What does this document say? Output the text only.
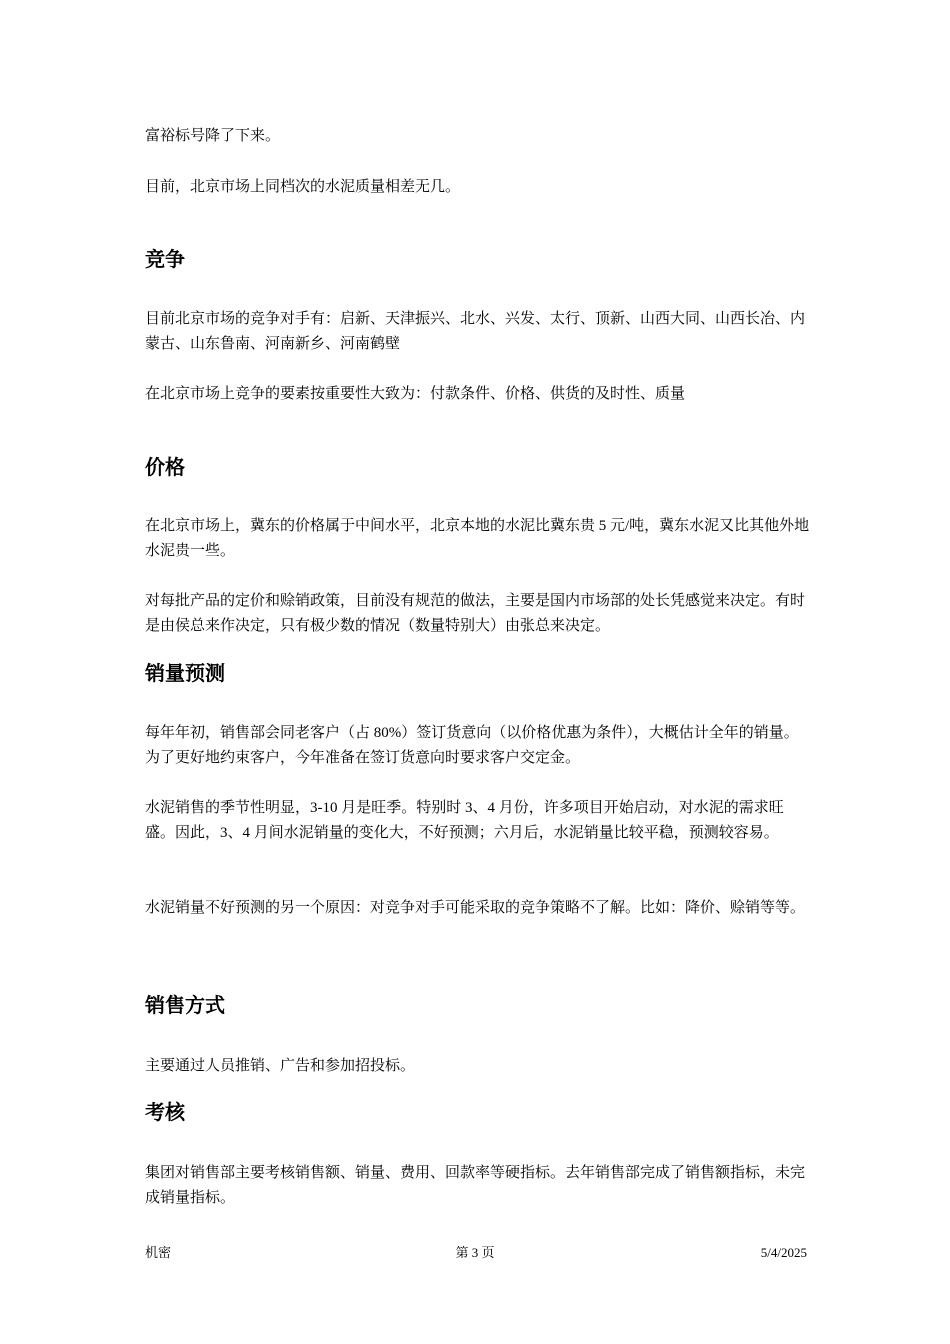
富裕标号降了下来。

目前，北京市场上同档次的水泥质量相差无几。

竞争

目前北京市场的竞争对手有：启新、天津振兴、北水、兴发、太行、顶新、山西大同、山西长冶、内蒙古、山东鲁南、河南新乡、河南鹤壁

在北京市场上竞争的要素按重要性大致为：付款条件、价格、供货的及时性、质量

价格

在北京市场上，冀东的价格属于中间水平，北京本地的水泥比冀东贵 5 元/吨，冀东水泥又比其他外地水泥贵一些。

对每批产品的定价和赊销政策，目前没有规范的做法，主要是国内市场部的处长凭感觉来决定。有时是由侯总来作决定，只有极少数的情况（数量特别大）由张总来决定。

销量预测

每年年初，销售部会同老客户（占 80%）签订货意向（以价格优惠为条件），大概估计全年的销量。为了更好地约束客户，今年准备在签订货意向时要求客户交定金。

水泥销售的季节性明显，3-10 月是旺季。特别时 3、4 月份，许多项目开始启动，对水泥的需求旺盛。因此，3、4 月间水泥销量的变化大，不好预测；六月后，水泥销量比较平稳，预测较容易。

水泥销量不好预测的另一个原因：对竞争对手可能采取的竞争策略不了解。比如：降价、赊销等等。

销售方式

主要通过人员推销、广告和参加招投标。

考核

集团对销售部主要考核销售额、销量、费用、回款率等硬指标。去年销售部完成了销售额指标，未完成销量指标。

机密	第 3 页	5/4/2025
